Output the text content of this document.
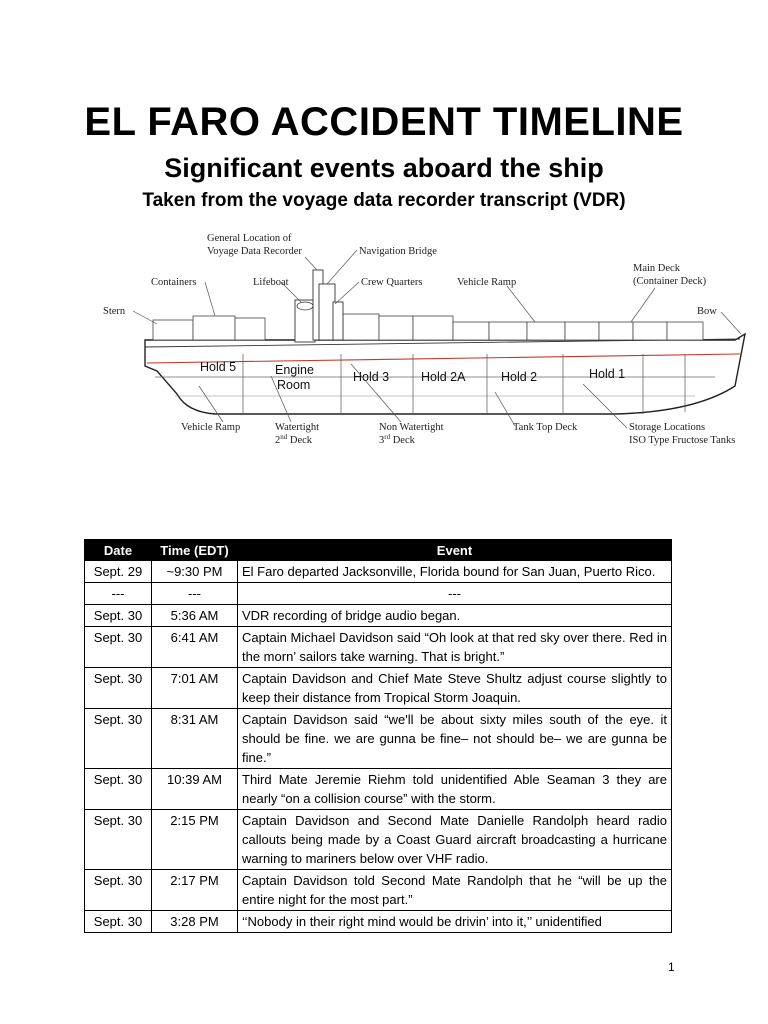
EL FARO ACCIDENT TIMELINE
Significant events aboard the ship
Taken from the voyage data recorder transcript (VDR)
Hold 5	Engine
Room
Hold 3	Hold 2A	Hold 2	Hold 1
General Location of
Voyage Data Recorder	Navigation Bridge
Containers	Lifeboat	Crew Quarters	Vehicle Ramp
Main Deck
(Container Deck)
Stern	Bow
Vehicle Ramp	Watertight
2nd Deck
Non Watertight
3rd Deck
Tank Top Deck	Storage Locations
ISO Type Fructose Tanks
Date	Time (EDT)	Event
Sept. 29	~9:30 PM	El Faro departed Jacksonville, Florida bound for San Juan, Puerto Rico.
---	---	---
Sept. 30	5:36 AM	VDR recording of bridge audio began.
Sept. 30	6:41 AM	Captain Michael Davidson said “Oh look at that red sky over there. Red in the morn’ sailors take warning. That is bright.”
Sept. 30	7:01 AM	Captain Davidson and Chief Mate Steve Shultz adjust course slightly to keep their distance from Tropical Storm Joaquin.
Sept. 30	8:31 AM	Captain Davidson said “we'll be about sixty miles south of the eye. it should be fine. we are gunna be fine– not should be– we are gunna be fine.”
Sept. 30	10:39 AM	Third Mate Jeremie Riehm told unidentified Able Seaman 3 they are nearly “on a collision course” with the storm.
Sept. 30	2:15 PM	Captain Davidson and Second Mate Danielle Randolph heard radio callouts being made by a Coast Guard aircraft broadcasting a hurricane warning to mariners below over VHF radio.
Sept. 30	2:17 PM	Captain Davidson told Second Mate Randolph that he “will be up the entire night for the most part.”
Sept. 30	3:28 PM	‘‘Nobody in their right mind would be drivin’ into it,’’ unidentified
1
